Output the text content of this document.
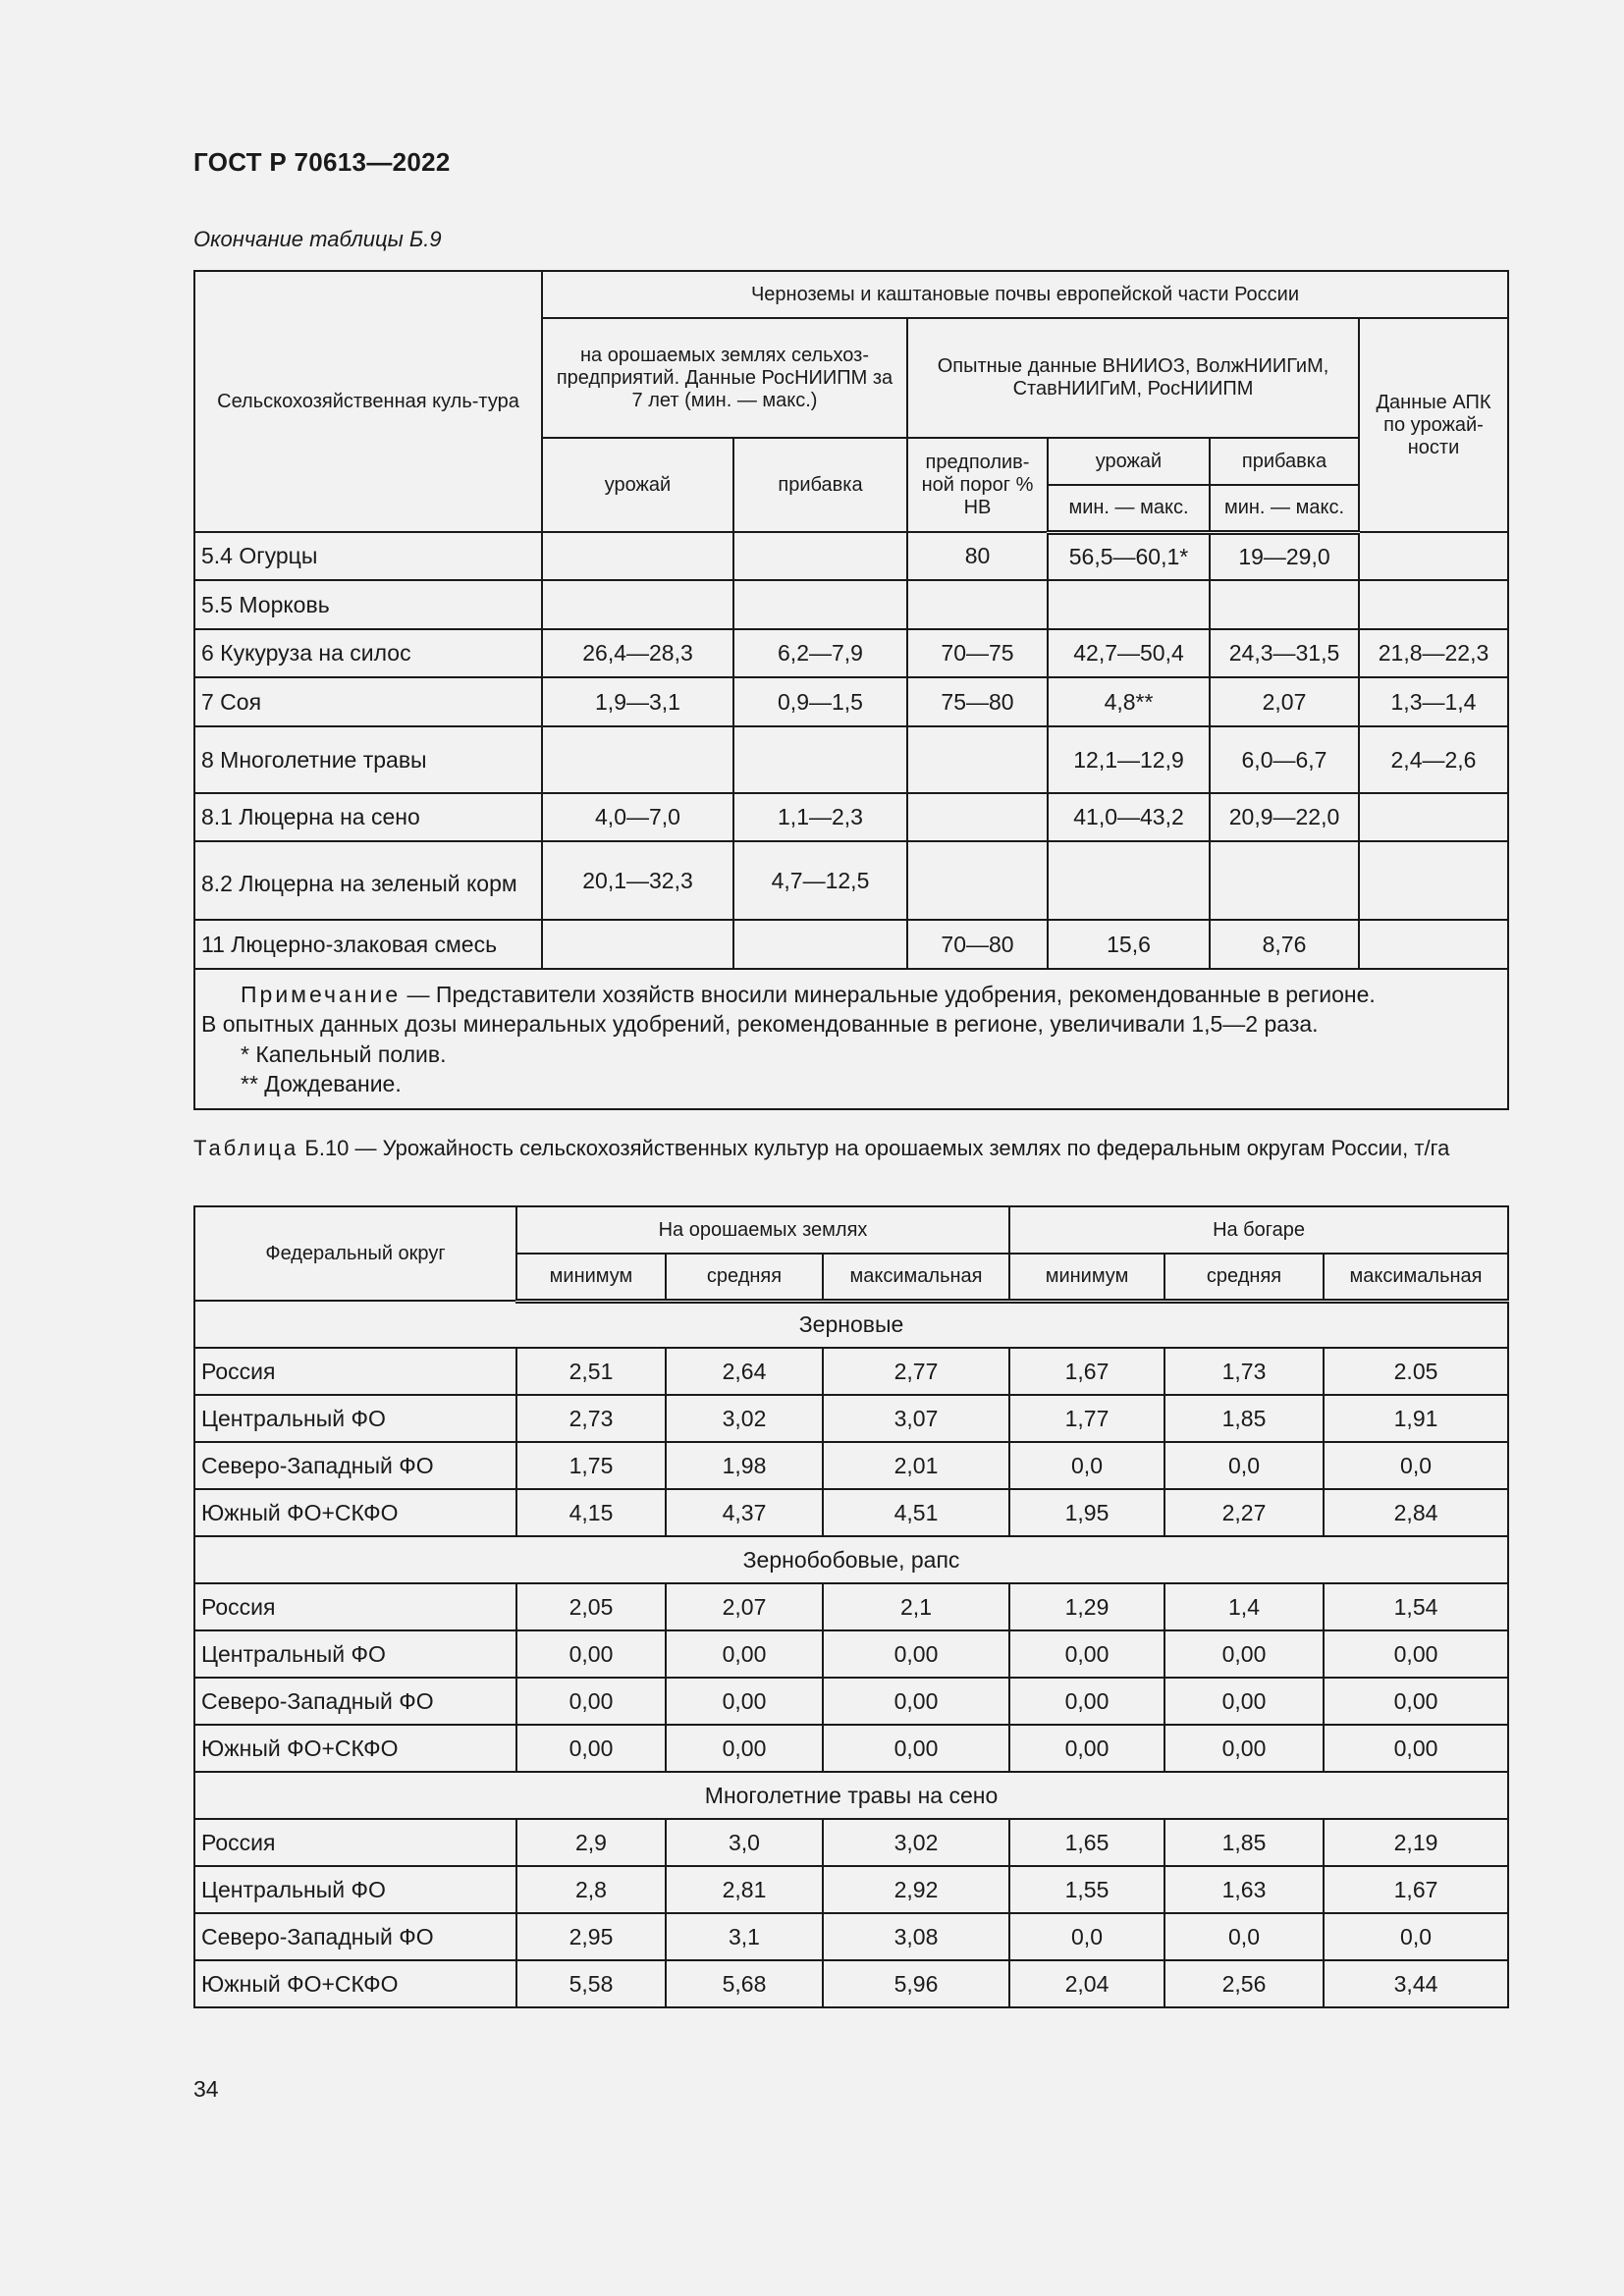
ГОСТ Р 70613—2022
Окончание таблицы Б.9
Сельскохозяйственная куль-тура	Черноземы и каштановые почвы европейской части России					
	на орошаемых землях сельхоз-предприятий. Данные РосНИИПМ за 7 лет (мин. — макс.)		Опытные данные ВНИИОЗ, ВолжНИИГиМ, СтавНИИГиМ, РосНИИПМ			Данные АПК по урожай-ности
	урожай	прибавка	предполив-ной порог % НВ	урожай	прибавка	
				мин. — макс.	мин. — макс.	
5.4 Огурцы			80	56,5—60,1*	19—29,0	
5.5 Морковь						
6 Кукуруза на силос	26,4—28,3	6,2—7,9	70—75	42,7—50,4	24,3—31,5	21,8—22,3
7 Соя	1,9—3,1	0,9—1,5	75—80	4,8**	2,07	1,3—1,4
8 Многолетние травы				12,1—12,9	6,0—6,7	2,4—2,6
8.1 Люцерна на сено	4,0—7,0	1,1—2,3		41,0—43,2	20,9—22,0	
8.2 Люцерна на зеленый корм	20,1—32,3	4,7—12,5				
11 Люцерно-злаковая смесь			70—80	15,6	8,76	

Примечание — Представители хозяйств вносили минеральные удобрения, рекомендованные в регионе.
В опытных данных дозы минеральных удобрений, рекомендованные в регионе, увеличивали 1,5—2 раза.
* Капельный полив.
** Дождевание.						
Таблица Б.10 — Урожайность сельскохозяйственных культур на орошаемых землях по федеральным округам России, т/га
Федеральный округ	На орошаемых землях			На богаре		
	минимум	средняя	максимальная	минимум	средняя	максимальная
Зерновые						
Россия	2,51	2,64	2,77	1,67	1,73	2.05
Центральный ФО	2,73	3,02	3,07	1,77	1,85	1,91
Северо-Западный ФО	1,75	1,98	2,01	0,0	0,0	0,0
Южный ФО+СКФО	4,15	4,37	4,51	1,95	2,27	2,84
Зернобобовые, рапс						
Россия	2,05	2,07	2,1	1,29	1,4	1,54
Центральный ФО	0,00	0,00	0,00	0,00	0,00	0,00
Северо-Западный ФО	0,00	0,00	0,00	0,00	0,00	0,00
Южный ФО+СКФО	0,00	0,00	0,00	0,00	0,00	0,00
Многолетние травы на сено						
Россия	2,9	3,0	3,02	1,65	1,85	2,19
Центральный ФО	2,8	2,81	2,92	1,55	1,63	1,67
Северо-Западный ФО	2,95	3,1	3,08	0,0	0,0	0,0
Южный ФО+СКФО	5,58	5,68	5,96	2,04	2,56	3,44
34
